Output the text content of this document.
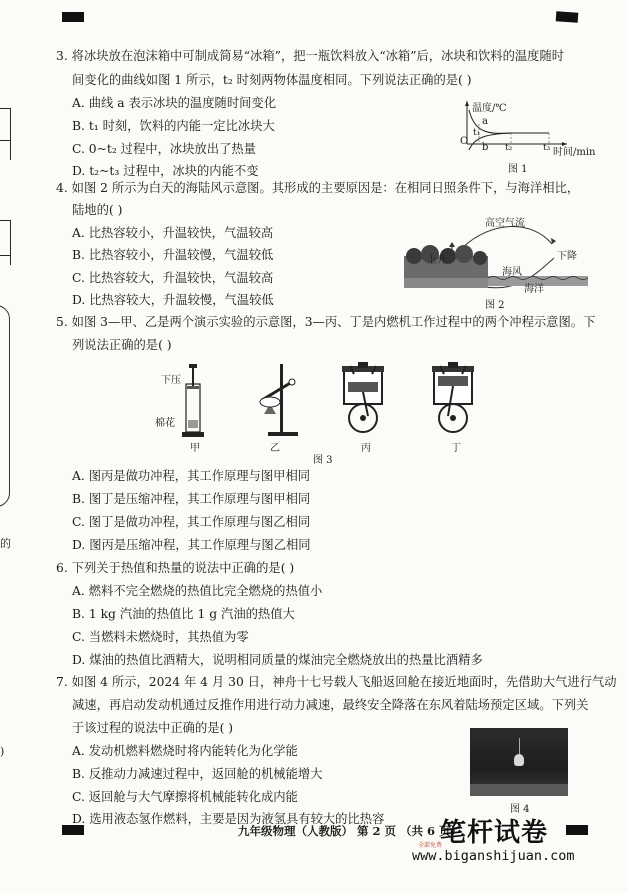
的
)
3. 将冰块放在泡沫箱中可制成简易“冰箱”，把一瓶饮料放入“冰箱”后，冰块和饮料的温度随时
间变化的曲线如图 1 所示，t₂ 时刻两物体温度相同。下列说法正确的是( )
A. 曲线 a 表示冰块的温度随时间变化
B. t₁ 时刻，饮料的内能一定比冰块大
C. 0~t₂ 过程中，冰块放出了热量
D. t₂~t₃ 过程中，冰块的内能不变
温度/℃
a
b
O
t₁
t₂	t₃ 时间/min
图 1
4. 如图 2 所示为白天的海陆风示意图。其形成的主要原因是：在相同日照条件下，与海洋相比，
陆地的( )
A. 比热容较小，升温较快，气温较高
B. 比热容较小，升温较慢，气温较低
C. 比热容较大，升温较快，气温较高
D. 比热容较大，升温较慢，气温较低
高空气流
下降
上升
海风
海洋
图 2
5. 如图 3—甲、乙是两个演示实验的示意图，3—丙、丁是内燃机工作过程中的两个冲程示意图。下
列说法正确的是( )
下压
棉花
甲	乙	丙	丁
图 3
A. 图丙是做功冲程，其工作原理与图甲相同
B. 图丁是压缩冲程，其工作原理与图甲相同
C. 图丁是做功冲程，其工作原理与图乙相同
D. 图丙是压缩冲程，其工作原理与图乙相同
6. 下列关于热值和热量的说法中正确的是( )
A. 燃料不完全燃烧的热值比完全燃烧的热值小
B. 1 kg 汽油的热值比 1 g 汽油的热值大
C. 当燃料未燃烧时，其热值为零
D. 煤油的热值比酒精大，说明相同质量的煤油完全燃烧放出的热量比酒精多
7. 如图 4 所示，2024 年 4 月 30 日，神舟十七号载人飞船返回舱在接近地面时，先借助大气进行气动
减速，再启动发动机通过反推作用进行动力减速，最终安全降落在东风着陆场预定区域。下列关
于该过程的说法中正确的是( )
A. 发动机燃料燃烧时将内能转化为化学能
B. 反推动力减速过程中，返回舱的机械能增大
C. 返回舱与大气摩擦将机械能转化成内能
D. 选用液态氢作燃料，主要是因为液氢具有较大的比热容
图 4
九年级物理（人教版） 第 2 页 （共 6 页）
笔杆试卷
全部免费
www.biganshijuan.com
